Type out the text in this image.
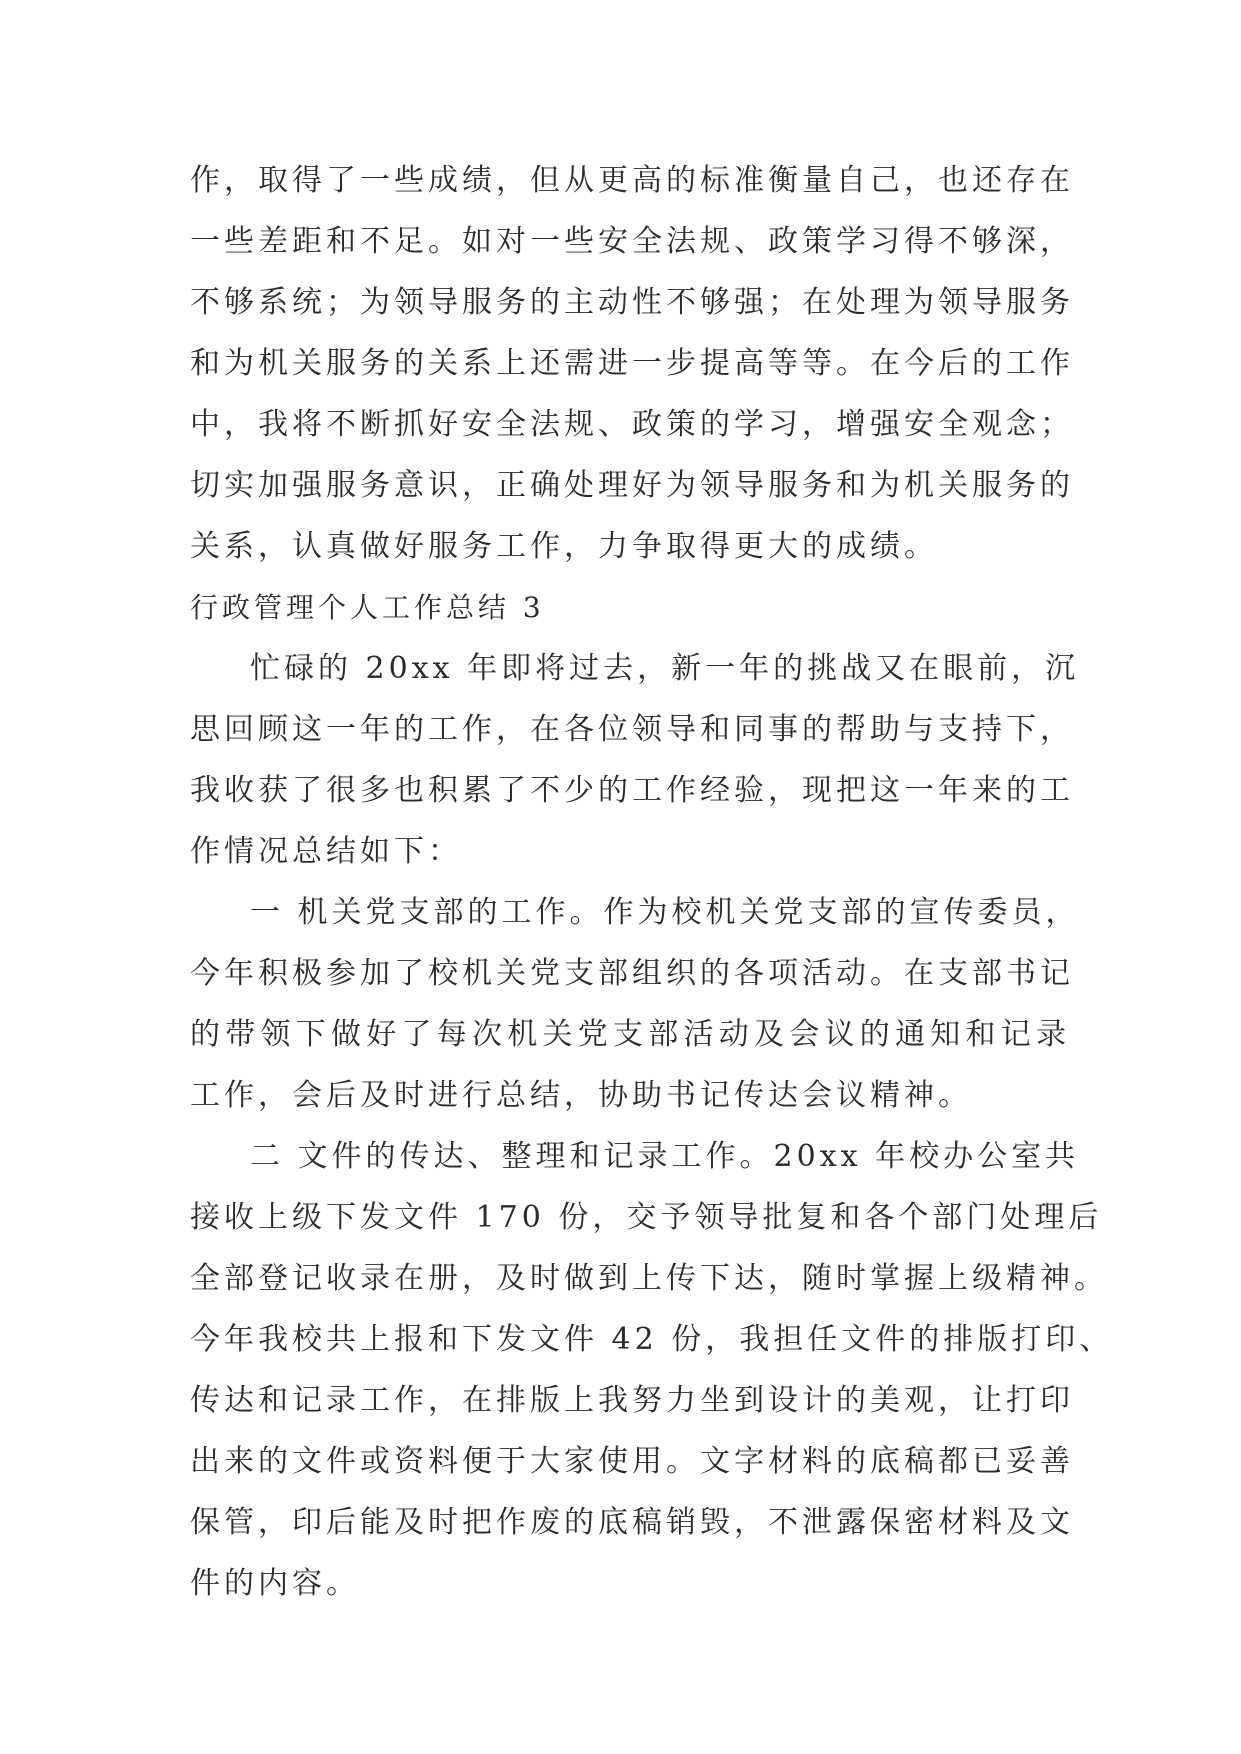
作，取得了一些成绩，但从更高的标准衡量自己，也还存在
一些差距和不足。如对一些安全法规、政策学习得不够深，
不够系统；为领导服务的主动性不够强；在处理为领导服务
和为机关服务的关系上还需进一步提高等等。在今后的工作
中，我将不断抓好安全法规、政策的学习，增强安全观念；
切实加强服务意识，正确处理好为领导服务和为机关服务的
关系，认真做好服务工作，力争取得更大的成绩。
行政管理个人工作总结 3
忙碌的 20xx 年即将过去，新一年的挑战又在眼前，沉
思回顾这一年的工作，在各位领导和同事的帮助与支持下，
我收获了很多也积累了不少的工作经验，现把这一年来的工
作情况总结如下：
一 机关党支部的工作。作为校机关党支部的宣传委员，
今年积极参加了校机关党支部组织的各项活动。在支部书记
的带领下做好了每次机关党支部活动及会议的通知和记录
工作，会后及时进行总结，协助书记传达会议精神。
二 文件的传达、整理和记录工作。20xx 年校办公室共
接收上级下发文件 170 份，交予领导批复和各个部门处理后
全部登记收录在册，及时做到上传下达，随时掌握上级精神。
今年我校共上报和下发文件 42 份，我担任文件的排版打印、
传达和记录工作，在排版上我努力坐到设计的美观，让打印
出来的文件或资料便于大家使用。文字材料的底稿都已妥善
保管，印后能及时把作废的底稿销毁，不泄露保密材料及文
件的内容。
